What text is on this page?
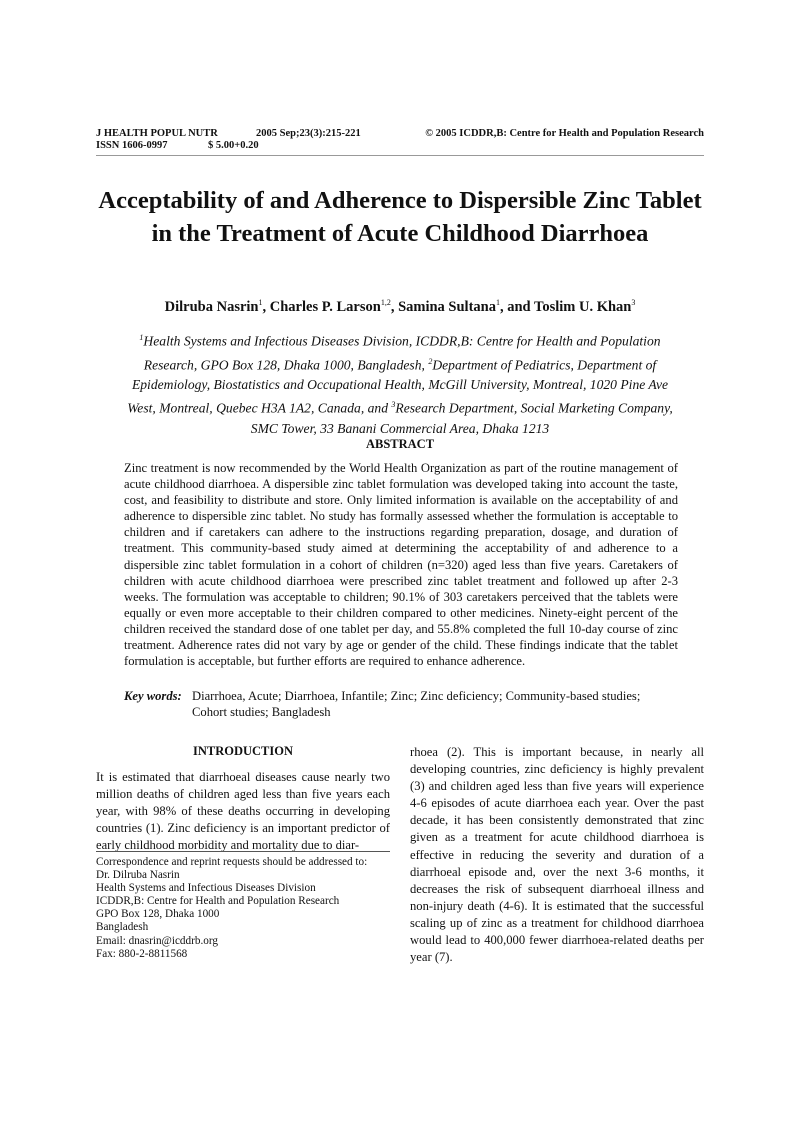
J HEALTH POPUL NUTR	2005 Sep;23(3):215-221	© 2005 ICDDR,B: Centre for Health and Population Research
ISSN 1606-0997	$ 5.00+0.20
Acceptability of and Adherence to Dispersible Zinc Tablet in the Treatment of Acute Childhood Diarrhoea

Dilruba Nasrin$^1$, Charles P. Larson$^{1,2}$, Samina Sultana$^1$, and Toslim U. Khan$^3$

$^1$Health Systems and Infectious Diseases Division, ICDDR,B: Centre for Health and Population Research, GPO Box 128, Dhaka 1000, Bangladesh, $^2$Department of Pediatrics, Department of Epidemiology, Biostatistics and Occupational Health, McGill University, Montreal, 1020 Pine Ave West, Montreal, Quebec H3A 1A2, Canada, and $^3$Research Department, Social Marketing Company, SMC Tower, 33 Banani Commercial Area, Dhaka 1213

ABSTRACT

Zinc treatment is now recommended by the World Health Organization as part of the routine management of acute childhood diarrhoea. A dispersible zinc tablet formulation was developed taking into account the taste, cost, and feasibility to distribute and store. Only limited information is available on the acceptability of and adherence to dispersible zinc tablet. No study has formally assessed whether the formulation is acceptable to children and if caretakers can adhere to the instructions regarding preparation, dosage, and duration of treatment. This community-based study aimed at determining the acceptability of and adherence to a dispersible zinc tablet formulation in a cohort of children (n=320) aged less than five years. Caretakers of children with acute childhood diarrhoea were prescribed zinc tablet treatment and followed up after 2-3 weeks. The formulation was acceptable to children; 90.1% of 303 caretakers perceived that the tablets were equally or even more acceptable to their children compared to other medicines. Ninety-eight percent of the children received the standard dose of one tablet per day, and 55.8% completed the full 10-day course of zinc treatment. Adherence rates did not vary by age or gender of the child. These findings indicate that the tablet formulation is acceptable, but further efforts are required to enhance adherence.

Key words: Diarrhoea, Acute; Diarrhoea, Infantile; Zinc; Zinc deficiency; Community-based studies; Cohort studies; Bangladesh
INTRODUCTION

It is estimated that diarrhoeal diseases cause nearly two million deaths of children aged less than five years each year, with 98% of these deaths occurring in developing countries (1). Zinc deficiency is an important predictor of early childhood morbidity and mortality due to diar-

rhoea (2). This is important because, in nearly all developing countries, zinc deficiency is highly prevalent (3) and children aged less than five years will experience 4-6 episodes of acute diarrhoea each year. Over the past decade, it has been consistently demonstrated that zinc given as a treatment for acute childhood diarrhoea is effective in reducing the severity and duration of a diarrhoeal episode and, over the next 3-6 months, it decreases the risk of subsequent diarrhoeal illness and non-injury death (4-6). It is estimated that the successful scaling up of zinc as a treatment for childhood diarrhoea would lead to 400,000 fewer diarrhoea-related deaths per year (7).

Correspondence and reprint requests should be addressed to:
Dr. Dilruba Nasrin
Health Systems and Infectious Diseases Division
ICDDR,B: Centre for Health and Population Research
GPO Box 128, Dhaka 1000
Bangladesh
Email: dnasrin@icddrb.org
Fax: 880-2-8811568
